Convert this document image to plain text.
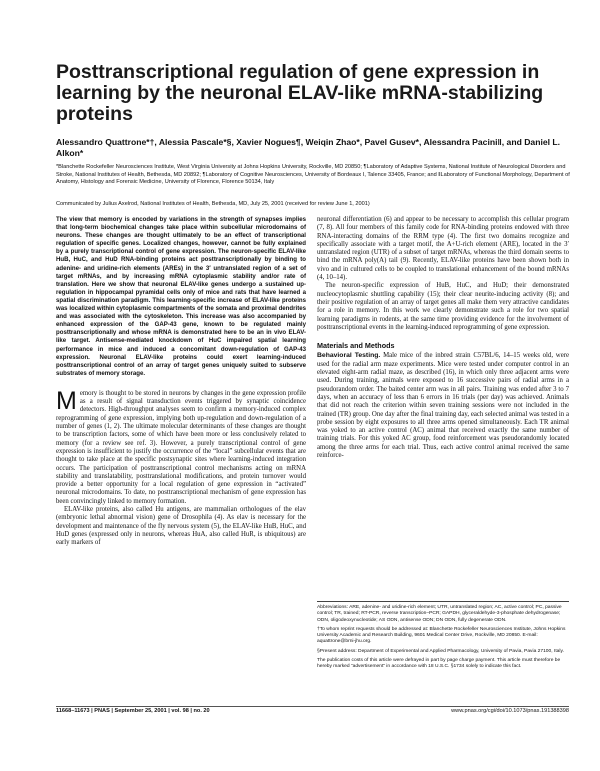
Posttranscriptional regulation of gene expression in learning by the neuronal ELAV-like mRNA-stabilizing proteins
Alessandro Quattrone*†, Alessia Pascale*§, Xavier Nogues¶, Weiqin Zhao*, Pavel Gusev*, Alessandra Pacini‖, and Daniel L. Alkon*
*Blanchette Rockefeller Neurosciences Institute, West Virginia University at Johns Hopkins University, Rockville, MD 20850; ¶Laboratory of Adaptive Systems, National Institute of Neurological Disorders and Stroke, National Institutes of Health, Bethesda, MD 20892; ¶Laboratory of Cognitive Neurosciences, University of Bordeaux I, Talence 33405, France; and ‖Laboratory of Functional Morphology, Department of Anatomy, Histology and Forensic Medicine, University of Florence, Florence 50134, Italy
Communicated by Julius Axelrod, National Institutes of Health, Bethesda, MD, July 25, 2001 (received for review June 1, 2001)

The view that memory is encoded by variations in the strength of synapses implies that long-term biochemical changes take place within subcellular microdomains of neurons. These changes are thought ultimately to be an effect of transcriptional regulation of specific genes. Localized changes, however, cannot be fully explained by a purely transcriptional control of gene expression. The neuron-specific ELAV-like HuB, HuC, and HuD RNA-binding proteins act posttranscriptionally by binding to adenine- and uridine-rich elements (AREs) in the 3′ untranslated region of a set of target mRNAs, and by increasing mRNA cytoplasmic stability and/or rate of translation. Here we show that neuronal ELAV-like genes undergo a sustained up-regulation in hippocampal pyramidal cells only of mice and rats that have learned a spatial discrimination paradigm. This learning-specific increase of ELAV-like proteins was localized within cytoplasmic compartments of the somata and proximal dendrites and was associated with the cytoskeleton. This increase was also accompanied by enhanced expression of the GAP-43 gene, known to be regulated mainly posttranscriptionally and whose mRNA is demonstrated here to be an in vivo ELAV-like target. Antisense-mediated knockdown of HuC impaired spatial learning performance in mice and induced a concomitant down-regulation of GAP-43 expression. Neuronal ELAV-like proteins could exert learning-induced posttranscriptional control of an array of target genes uniquely suited to subserve substrates of memory storage.

Memory is thought to be stored in neurons by changes in the gene expression profile as a result of signal transduction events triggered by synaptic coincidence detectors. High-throughput analyses seem to confirm a memory-induced complex reprogramming of gene expression, implying both up-regulation and down-regulation of a number of genes (1, 2). The ultimate molecular determinants of these changes are thought to be transcription factors, some of which have been more or less conclusively related to memory (for a review see ref. 3). However, a purely transcriptional control of gene expression is insufficient to justify the occurrence of the “local” subcellular events that are thought to take place at the specific postsynaptic sites where learning-induced integration occurs. The participation of posttranscriptional control mechanisms acting on mRNA stability and translatability, posttranslational modifications, and protein turnover would provide a better opportunity for a local regulation of gene expression in “activated” neuronal microdomains. To date, no posttranscriptional mechanism of gene expression has been convincingly linked to memory formation.

ELAV-like proteins, also called Hu antigens, are mammalian orthologues of the elav (embryonic lethal abnormal vision) gene of Drosophila (4). As elav is necessary for the development and maintenance of the fly nervous system (5), the ELAV-like HuB, HuC, and HuD genes (expressed only in neurons, whereas HuA, also called HuR, is ubiquitous) are early markers of

neuronal differentiation (6) and appear to be necessary to accomplish this cellular program (7, 8). All four members of this family code for RNA-binding proteins endowed with three RNA-interacting domains of the RRM type (4). The first two domains recognize and specifically associate with a target motif, the A+U-rich element (ARE), located in the 3′ untranslated region (UTR) of a subset of target mRNAs, whereas the third domain seems to bind the mRNA poly(A) tail (9). Recently, ELAV-like proteins have been shown both in vivo and in cultured cells to be coupled to translational enhancement of the bound mRNAs (4, 10–14).

The neuron-specific expression of HuB, HuC, and HuD; their demonstrated nucleocytoplasmic shuttling capability (15); their clear neurite-inducing activity (8); and their positive regulation of an array of target genes all make them very attractive candidates for a role in memory. In this work we clearly demonstrate such a role for two spatial learning paradigms in rodents, at the same time providing evidence for the involvement of posttranscriptional events in the learning-induced reprogramming of gene expression.

Materials and Methods

Behavioral Testing. Male mice of the inbred strain C57BL/6, 14–15 weeks old, were used for the radial arm maze experiments. Mice were tested under computer control in an elevated eight-arm radial maze, as described (16), in which only three adjacent arms were used. During training, animals were exposed to 16 successive pairs of radial arms in a pseudorandom order. The baited center arm was in all pairs. Training was ended after 3 to 7 days, when an accuracy of less than 6 errors in 16 trials (per day) was achieved. Animals that did not reach the criterion within seven training sessions were not included in the trained (TR) group. One day after the final training day, each selected animal was tested in a probe session by eight exposures to all three arms opened simultaneously. Each TR animal was yoked to an active control (AC) animal that received exactly the same number of training trials. For this yoked AC group, food reinforcement was pseudorandomly located among the three arms for each trial. Thus, each active control animal received the same reinforce-

Abbreviations: ARE, adenine- and uridine-rich element; UTR, untranslated region; AC, active control; PC, passive control; TR, trained; RT-PCR, reverse transcription–PCR; GAPDH, glyceraldehyde-3-phosphate dehydrogenase; ODN, oligodeoxynucleotide; AS ODN, antisense ODN; DN ODN, fully degenerate ODN.

†To whom reprint requests should be addressed at: Blanchette Rockefeller Neurosciences Institute, Johns Hopkins University Academic and Research Building, 9601 Medical Center Drive, Rockville, MD 20850. E-mail: aquattrone@brni-jhu.org.

§Present address: Department of Experimental and Applied Pharmacology, University of Pavia, Pavia 27100, Italy.

The publication costs of this article were defrayed in part by page charge payment. This article must therefore be hereby marked “advertisement” in accordance with 18 U.S.C. §1734 solely to indicate this fact.

11668–11673 | PNAS | September 25, 2001 | vol. 98 | no. 20	www.pnas.org/cgi/doi/10.1073/pnas.191388398
